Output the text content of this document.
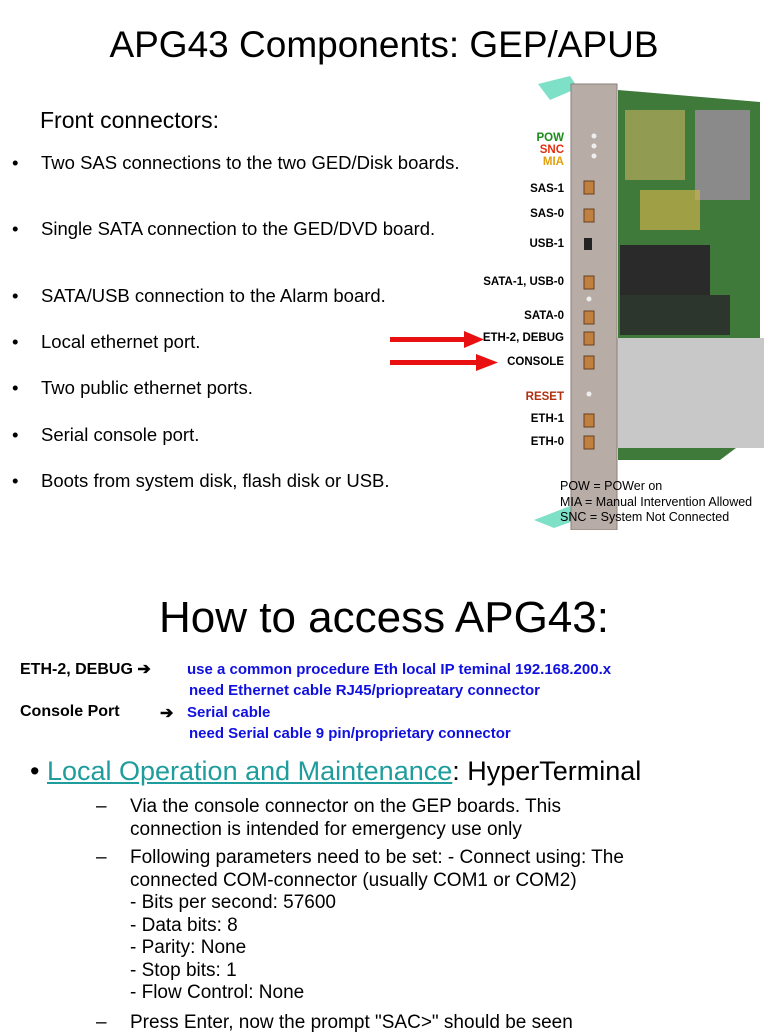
APG43 Components: GEP/APUB
Front connectors:
• Two SAS connections to the two GED/Disk boards.
• Single SATA connection to the GED/DVD board.
• SATA/USB connection to the Alarm board.
• Local ethernet port.
• Two public ethernet ports.
• Serial console port.
• Boots from system disk, flash disk or USB.
POW
SNC
MIA
SAS-1
SAS-0
USB-1
SATA-1, USB-0
SATA-0
ETH-2, DEBUG
CONSOLE
RESET
ETH-1
ETH-0
POW = POWer on
MIA = Manual Intervention Allowed
SNC = System Not Connected
How to access APG43:
ETH-2, DEBUG ➔ use a common procedure Eth local IP teminal 192.168.200.x
need Ethernet cable RJ45/priopreatary connector
Console Port	➔ Serial cable
need Serial cable 9 pin/proprietary connector
• Local Operation and Maintenance: HyperTerminal
– Via the console connector on the GEP boards. This connection is intended for emergency use only
– Following parameters need to be set: - Connect using: The
connected COM-connector (usually COM1 or COM2)
- Bits per second: 57600
- Data bits: 8
- Parity: None
- Stop bits: 1
- Flow Control: None
– Press Enter, now the prompt "SAC>" should be seen
